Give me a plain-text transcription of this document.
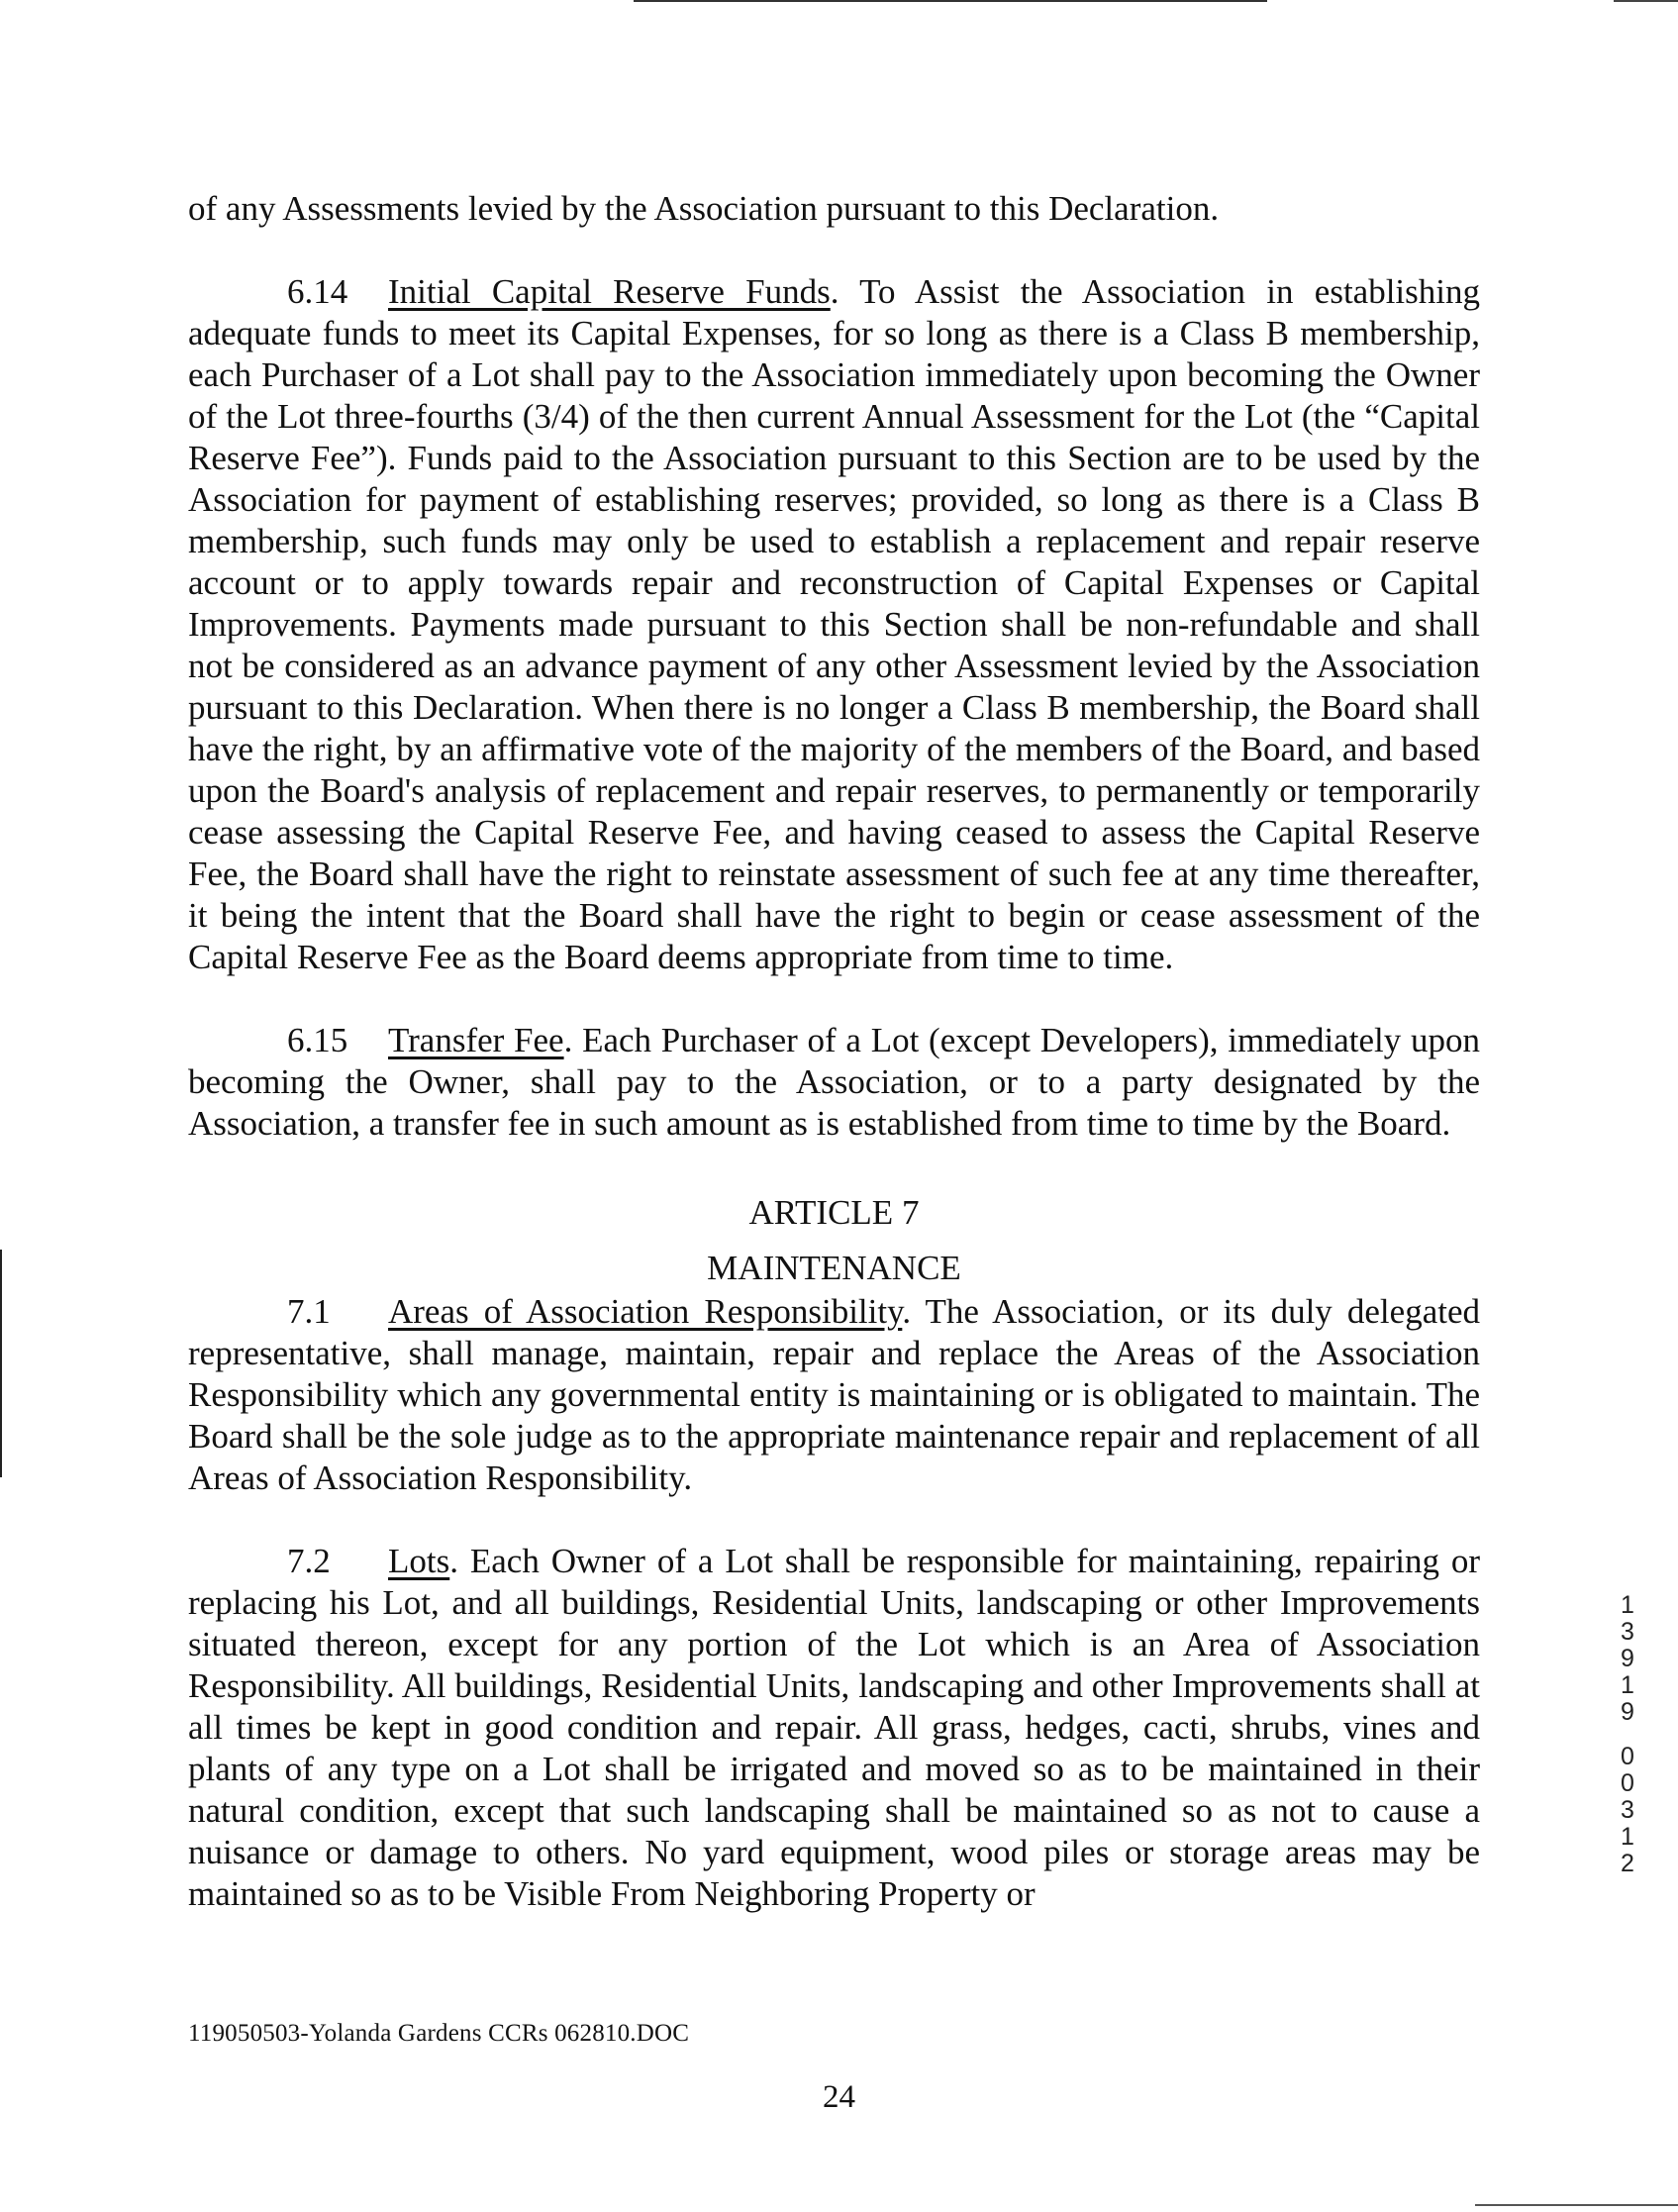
of any Assessments levied by the Association pursuant to this Declaration.

6.14 Initial Capital Reserve Funds. To Assist the Association in establishing adequate funds to meet its Capital Expenses, for so long as there is a Class B membership, each Purchaser of a Lot shall pay to the Association immediately upon becoming the Owner of the Lot three-fourths (3/4) of the then current Annual Assessment for the Lot (the “Capital Reserve Fee”). Funds paid to the Association pursuant to this Section are to be used by the Association for payment of establishing reserves; provided, so long as there is a Class B membership, such funds may only be used to establish a replacement and repair reserve account or to apply towards repair and reconstruction of Capital Expenses or Capital Improvements. Payments made pursuant to this Section shall be non-refundable and shall not be considered as an advance payment of any other Assessment levied by the Association pursuant to this Declaration. When there is no longer a Class B membership, the Board shall have the right, by an affirmative vote of the majority of the members of the Board, and based upon the Board's analysis of replacement and repair reserves, to permanently or temporarily cease assessing the Capital Reserve Fee, and having ceased to assess the Capital Reserve Fee, the Board shall have the right to reinstate assessment of such fee at any time thereafter, it being the intent that the Board shall have the right to begin or cease assessment of the Capital Reserve Fee as the Board deems appropriate from time to time.

6.15 Transfer Fee. Each Purchaser of a Lot (except Developers), immediately upon becoming the Owner, shall pay to the Association, or to a party designated by the Association, a transfer fee in such amount as is established from time to time by the Board.

ARTICLE 7

MAINTENANCE

7.1 Areas of Association Responsibility. The Association, or its duly delegated representative, shall manage, maintain, repair and replace the Areas of the Association Responsibility which any governmental entity is maintaining or is obligated to maintain. The Board shall be the sole judge as to the appropriate maintenance repair and replacement of all Areas of Association Responsibility.

7.2 Lots. Each Owner of a Lot shall be responsible for maintaining, repairing or replacing his Lot, and all buildings, Residential Units, landscaping or other Improvements situated thereon, except for any portion of the Lot which is an Area of Association Responsibility. All buildings, Residential Units, landscaping and other Improvements shall at all times be kept in good condition and repair. All grass, hedges, cacti, shrubs, vines and plants of any type on a Lot shall be irrigated and moved so as to be maintained in their natural condition, except that such landscaping shall be maintained so as not to cause a nuisance or damage to others. No yard equipment, wood piles or storage areas may be maintained so as to be Visible From Neighboring Property or

1
3
9
1
9
0
0
3
1
2
119050503-Yolanda Gardens CCRs 062810.DOC
24
